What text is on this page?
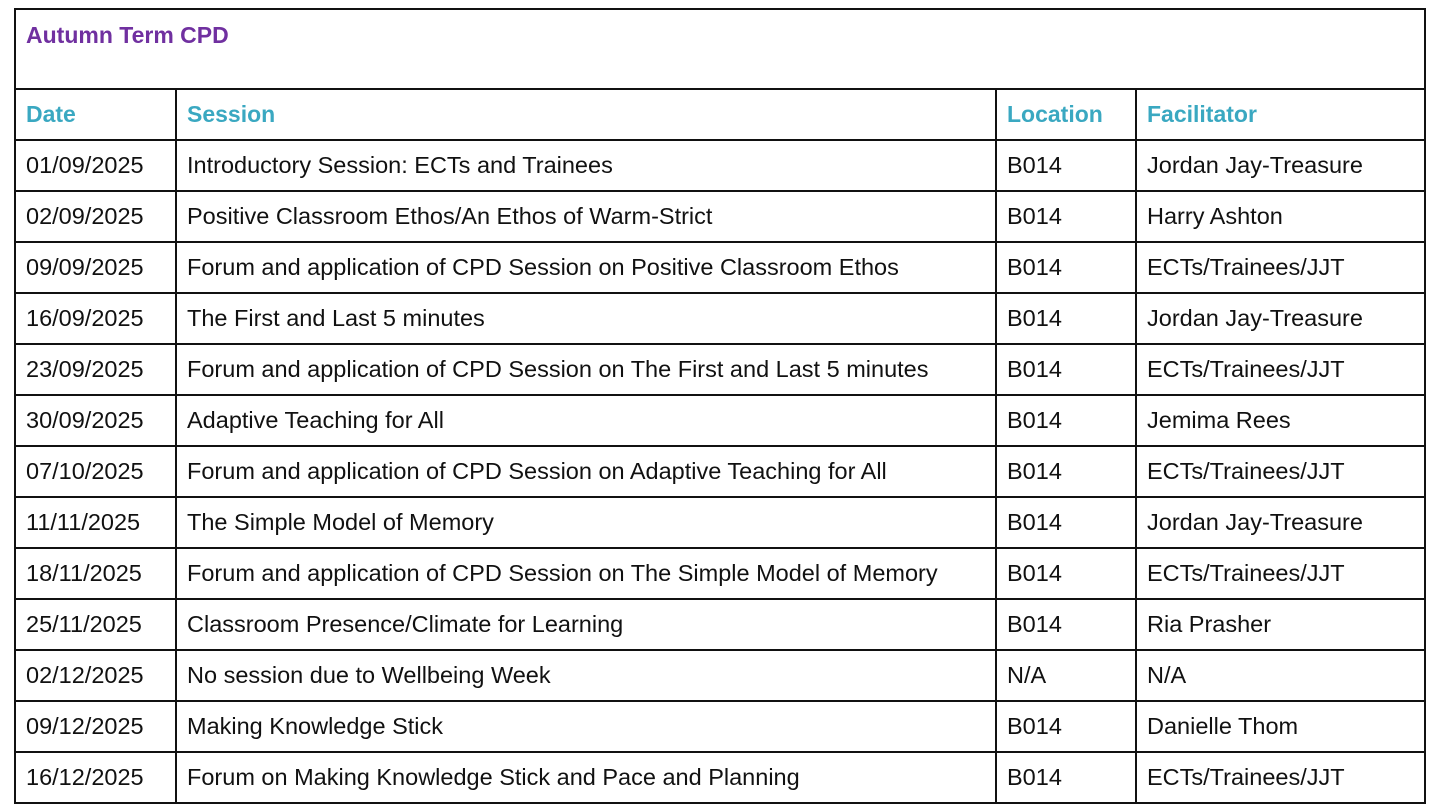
Autumn Term CPD			
Date	Session	Location	Facilitator
01/09/2025	Introductory Session: ECTs and Trainees	B014	Jordan Jay-Treasure
02/09/2025	Positive Classroom Ethos/An Ethos of Warm-Strict	B014	Harry Ashton
09/09/2025	Forum and application of CPD Session on Positive Classroom Ethos	B014	ECTs/Trainees/JJT
16/09/2025	The First and Last 5 minutes	B014	Jordan Jay-Treasure
23/09/2025	Forum and application of CPD Session on The First and Last 5 minutes	B014	ECTs/Trainees/JJT
30/09/2025	Adaptive Teaching for All	B014	Jemima Rees
07/10/2025	Forum and application of CPD Session on Adaptive Teaching for All	B014	ECTs/Trainees/JJT
11/11/2025	The Simple Model of Memory	B014	Jordan Jay-Treasure
18/11/2025	Forum and application of CPD Session on The Simple Model of Memory	B014	ECTs/Trainees/JJT
25/11/2025	Classroom Presence/Climate for Learning	B014	Ria Prasher
02/12/2025	No session due to Wellbeing Week	N/A	N/A
09/12/2025	Making Knowledge Stick	B014	Danielle Thom
16/12/2025	Forum on Making Knowledge Stick and Pace and Planning	B014	ECTs/Trainees/JJT
